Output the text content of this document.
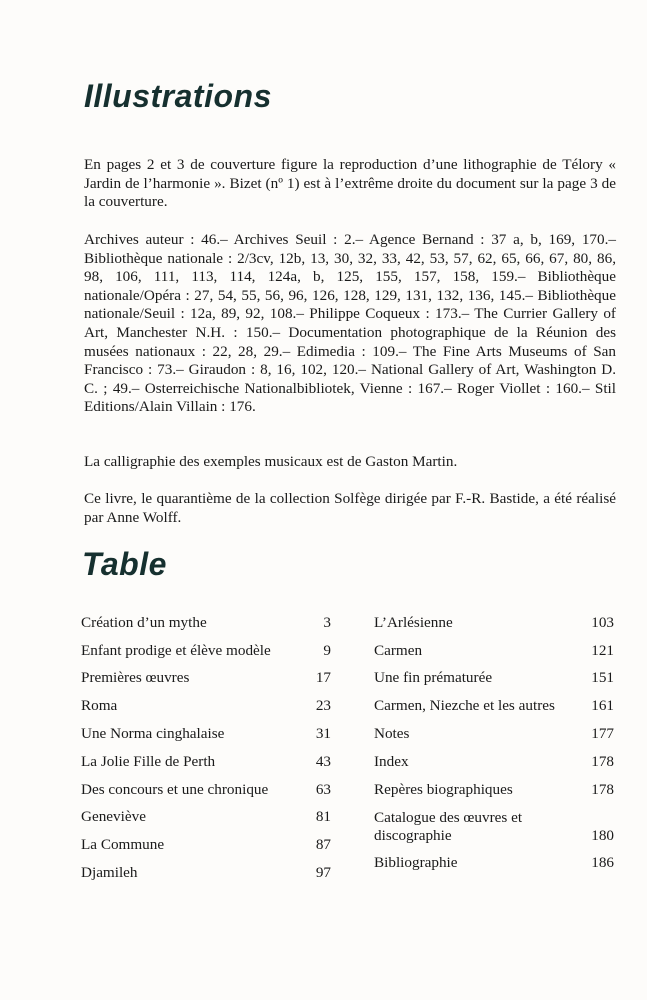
Illustrations

En pages 2 et 3 de couverture figure la reproduction d’une lithographie de Télory « Jardin de l’harmonie ». Bizet (nº 1) est à l’extrême droite du document sur la page 3 de la couverture.

Archives auteur : 46.– Archives Seuil : 2.– Agence Bernand : 37 a, b, 169, 170.– Bibliothèque nationale : 2/3cv, 12b, 13, 30, 32, 33, 42, 53, 57, 62, 65, 66, 67, 80, 86, 98, 106, 111, 113, 114, 124a, b, 125, 155, 157, 158, 159.– Bibliothèque nationale/Opéra : 27, 54, 55, 56, 96, 126, 128, 129, 131, 132, 136, 145.– Bibliothèque nationale/Seuil : 12a, 89, 92, 108.– Philippe Coqueux : 173.– The Currier Gallery of Art, Manchester N.H. : 150.– Documentation photographique de la Réunion des musées nationaux : 22, 28, 29.– Edimedia : 109.– The Fine Arts Museums of San Francisco : 73.– Giraudon : 8, 16, 102, 120.– National Gallery of Art, Washington D. C. ; 49.– Osterreichische Nationalbibliotek, Vienne : 167.– Roger Viollet : 160.– Stil Editions/Alain Villain : 176.

La calligraphie des exemples musicaux est de Gaston Martin.

Ce livre, le quarantième de la collection Solfège dirigée par F.-R. Bastide, a été réalisé par Anne Wolff.

Table
Création d’un mythe	3
Enfant prodige et élève modèle	9
Premières œuvres	17
Roma	23
Une Norma cinghalaise	31
La Jolie Fille de Perth	43
Des concours et une chronique	63
Geneviève	81
La Commune	87
Djamileh	97
L’Arlésienne	103
Carmen	121
Une fin prématurée	151
Carmen, Niezche et les autres 161
Notes	177
Index	178
Repères biographiques	178
Catalogue des œuvres et
discographie	180
Bibliographie	186
